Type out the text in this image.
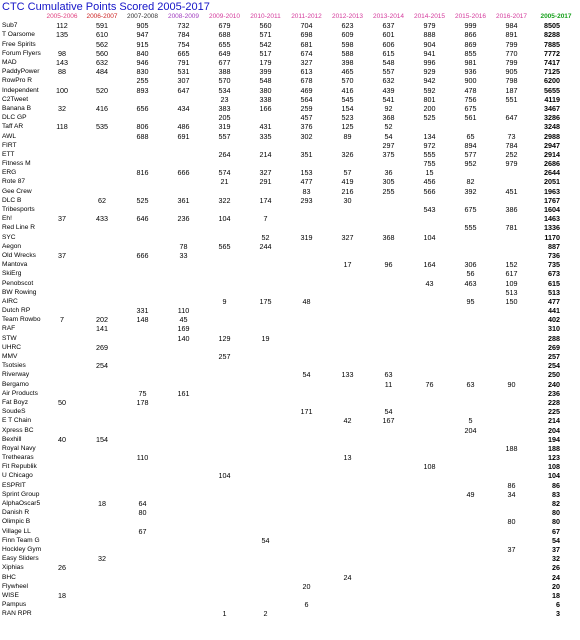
CTC Cumulative Points Scored 2005-2017
	2005-2006	2006-2007	2007-2008	2008-2009	2009-2010	2010-2011	2011-2012	2012-2013	2013-2014	2014-2015	2015-2016	2016-2017	2005-2017
Sub7	112	591	905	732	679	560	704	623	637	979	999	984	8505
T Oarsome	135	610	947	784	688	571	698	609	601	888	866	891	8288
Free Spirits		562	915	754	655	542	681	598	606	904	869	799	7885
Forum Flyers	98	560	840	665	649	517	674	588	615	941	855	770	7772
MAD	143	632	946	791	677	179	327	398	548	996	981	799	7417
PaddyPower	88	484	830	531	388	399	613	465	557	929	936	905	7125
RowPro R			255	307	570	548	678	570	632	942	900	798	6200
Independent	100	520	893	647	534	380	469	416	439	592	478	187	5655
C2Tweet					23	338	564	545	541	801	756	551	4119
Banana B	32	416	656	434	383	166	259	154	92	200	675		3467
DLC GP					205		457	523	368	525	561	647	3286
Taff AR	118	535	806	486	319	431	376	125	52				3248
AWL			688	691	557	335	302	89	54	134	65	73	2988
FIRT									297	972	894	784	2947
ETT					264	214	351	326	375	555	577	252	2914
Fitness M										755	952	979	2686
ERG			816	666	574	327	153	57	36	15			2644
Rote 87					21	291	477	419	305	456	82		2051
Gee Crew							83	216	255	566	392	451	1963
DLC B		62	525	361	322	174	293	30					1767
Tribesports										543	675	386	1604
Eh!	37	433	646	236	104	7							1463
Red Line R											555	781	1336
SYC						52	319	327	368	104			1170
Aegon				78	565	244							887
Old Wrecks	37		666	33									736
Mantova								17	96	164	306	152	735
SkiErg											56	617	673
Penobscot										43	463	109	615
BW Rowing												513	513
AIRC					9	175	48				95	150	477
Dutch RP			331	110									441
Team Rowbo	7	202	148	45									402
RAF		141		169									310
STW				140	129	19							288
UHRC		269											269
MMV					257								257
Tsotsies		254											254
Riverway							54	133	63				250
Bergamo									11	76	63	90	240
Air Products			75	161									236
Fat Boyz	50		178										228
SoudeS							171		54				225
E T Chain								42	167		5		214
Xpress BC											204		204
Bexhill	40	154											194
Royal Navy												188	188
Trethearas			110					13					123
Fit Republik										108			108
U Chicago					104								104
ESPRIT												86	86
Sprint Group											49	34	83
AlphaOscar5		18	64										82
Danish R			80										80
Olimpic B												80	80
Village LL			67										67
Finn Team G						54							54
Hockley Gym												37	37
Easy Sliders		32											32
Xiphias	26												26
BHC								24					24
Flywheel							20						20
WISE	18												18
Pampus							6						6
RAN RPR					1	2							3
